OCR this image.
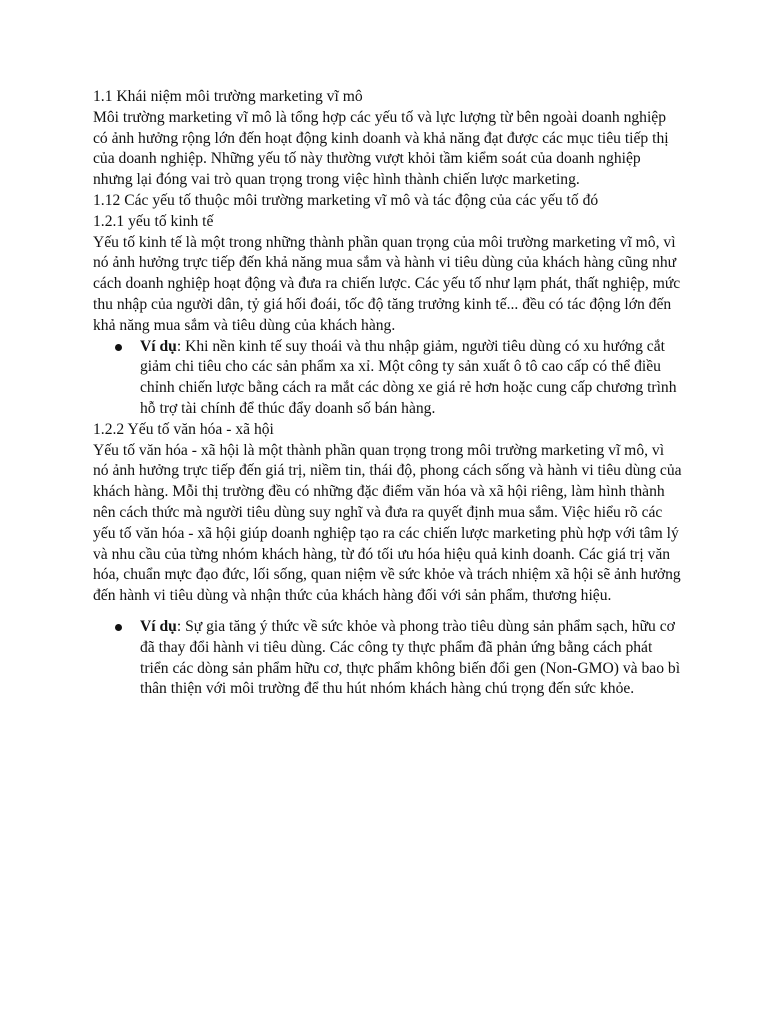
1.1 Khái niệm môi trường marketing vĩ mô

Môi trường marketing vĩ mô là tổng hợp các yếu tố và lực lượng từ bên ngoài doanh nghiệp có ảnh hưởng rộng lớn đến hoạt động kinh doanh và khả năng đạt được các mục tiêu tiếp thị của doanh nghiệp. Những yếu tố này thường vượt khỏi tầm kiểm soát của doanh nghiệp nhưng lại đóng vai trò quan trọng trong việc hình thành chiến lược marketing.

1.12 Các yếu tố thuộc môi trường marketing vĩ mô và tác động của các yếu tố đó

1.2.1 yếu tố kinh tế

Yếu tố kinh tế là một trong những thành phần quan trọng của môi trường marketing vĩ mô, vì nó ảnh hưởng trực tiếp đến khả năng mua sắm và hành vi tiêu dùng của khách hàng cũng như cách doanh nghiệp hoạt động và đưa ra chiến lược. Các yếu tố như lạm phát, thất nghiệp, mức thu nhập của người dân, tỷ giá hối đoái, tốc độ tăng trưởng kinh tế... đều có tác động lớn đến khả năng mua sắm và tiêu dùng của khách hàng.

Ví dụ: Khi nền kinh tế suy thoái và thu nhập giảm, người tiêu dùng có xu hướng cắt giảm chi tiêu cho các sản phẩm xa xỉ. Một công ty sản xuất ô tô cao cấp có thể điều chỉnh chiến lược bằng cách ra mắt các dòng xe giá rẻ hơn hoặc cung cấp chương trình hỗ trợ tài chính để thúc đẩy doanh số bán hàng.

1.2.2 Yếu tố văn hóa - xã hội

Yếu tố văn hóa - xã hội là một thành phần quan trọng trong môi trường marketing vĩ mô, vì nó ảnh hưởng trực tiếp đến giá trị, niềm tin, thái độ, phong cách sống và hành vi tiêu dùng của khách hàng. Mỗi thị trường đều có những đặc điểm văn hóa và xã hội riêng, làm hình thành nên cách thức mà người tiêu dùng suy nghĩ và đưa ra quyết định mua sắm. Việc hiểu rõ các yếu tố văn hóa - xã hội giúp doanh nghiệp tạo ra các chiến lược marketing phù hợp với tâm lý và nhu cầu của từng nhóm khách hàng, từ đó tối ưu hóa hiệu quả kinh doanh. Các giá trị văn hóa, chuẩn mực đạo đức, lối sống, quan niệm về sức khỏe và trách nhiệm xã hội sẽ ảnh hưởng đến hành vi tiêu dùng và nhận thức của khách hàng đối với sản phẩm, thương hiệu.

Ví dụ: Sự gia tăng ý thức về sức khỏe và phong trào tiêu dùng sản phẩm sạch, hữu cơ đã thay đổi hành vi tiêu dùng. Các công ty thực phẩm đã phản ứng bằng cách phát triển các dòng sản phẩm hữu cơ, thực phẩm không biến đổi gen (Non-GMO) và bao bì thân thiện với môi trường để thu hút nhóm khách hàng chú trọng đến sức khỏe.
